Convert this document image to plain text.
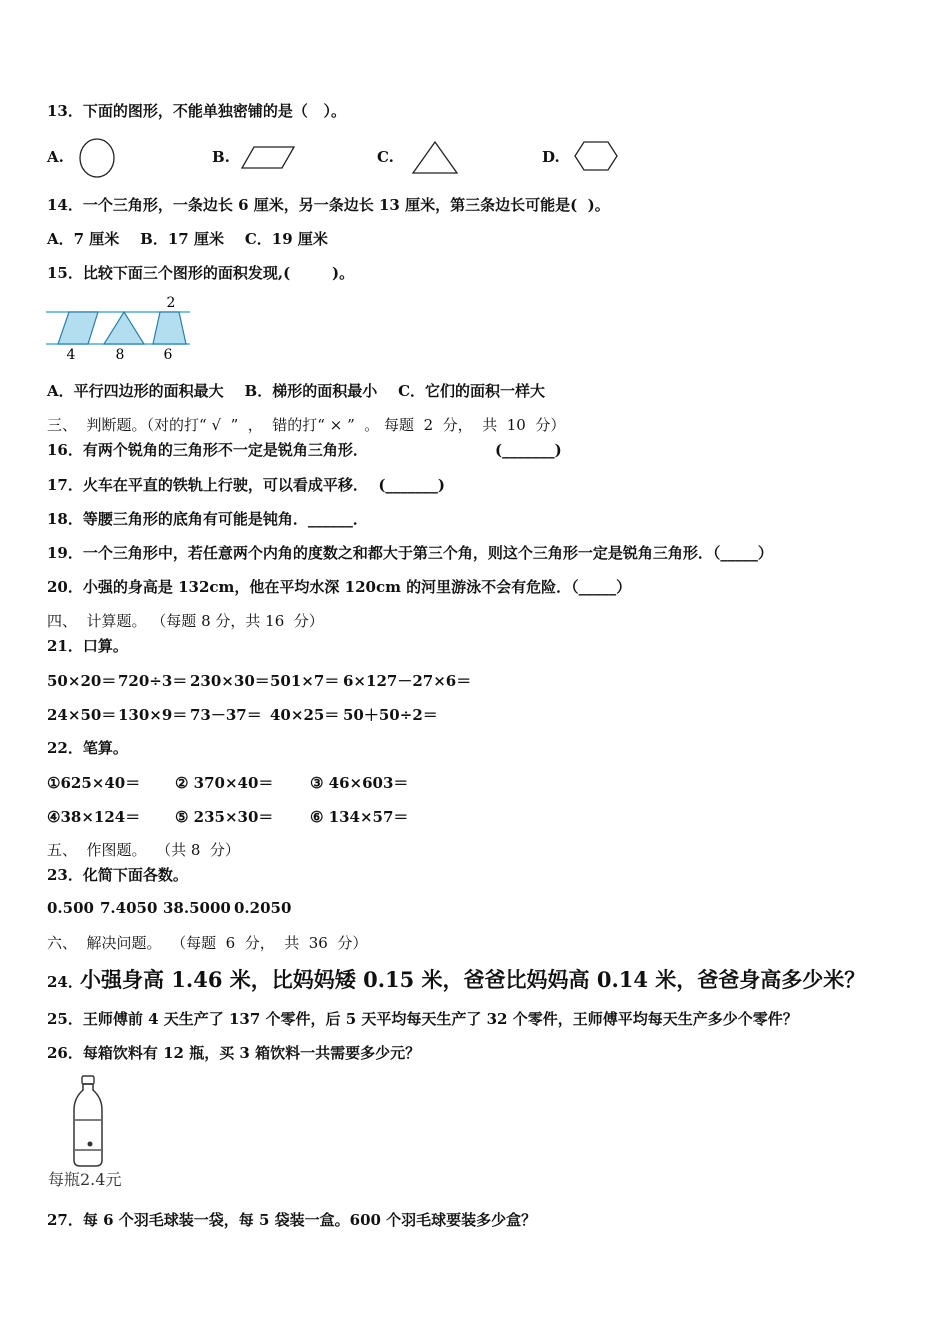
13．下面的图形，不能单独密铺的是（   ）。
A.	B.	C.	D.
14．一个三角形，一条边长 6 厘米，另一条边长 13 厘米，第三条边长可能是(  )。
A．7 厘米    B．17 厘米    C．19 厘米
15．比较下面三个图形的面积发现,(        )。
2
4	8	6
A．平行四边形的面积最大    B．梯形的面积最小    C．它们的面积一样大
三、  判断题。（对的打“ √  ”  ，  错的打“ × ”  。 每题  2  分，  共  10  分）
16．有两个锐角的三角形不一定是锐角三角形．	(_______)
17．火车在平直的铁轨上行驶，可以看成平移．  (_______)
18．等腰三角形的底角有可能是钝角．______．
19．一个三角形中，若任意两个内角的度数之和都大于第三个角，则这个三角形一定是锐角三角形．（_____）
20．小强的身高是 132cm，他在平均水深 120cm 的河里游泳不会有危险．（_____）
四、  计算题。 （每题 8 分，共 16  分）
21．口算。
50×20＝ 720÷3＝ 230×30＝ 501×7＝ 6×127－27×6＝
24×50＝ 130×9＝ 73－37＝ 40×25＝ 50＋50÷2＝
22．笔算。
①625×40＝ ② 370×40＝ ③ 46×603＝
④38×124＝ ⑤ 235×30＝ ⑥ 134×57＝
五、  作图题。  （共 8  分）
23．化简下面各数。
0.500 7.4050 38.5000 0.2050
六、  解决问题。  （每题  6  分，  共  36  分）
24．
小强身高 1.46 米，比妈妈矮 0.15 米，爸爸比妈妈高 0.14 米，爸爸身高多少米？
25．王师傅前 4 天生产了 137 个零件，后 5 天平均每天生产了 32 个零件，王师傅平均每天生产多少个零件？
26．每箱饮料有 12 瓶，买 3 箱饮料一共需要多少元？
每瓶2.4元
27．每 6 个羽毛球装一袋，每 5 袋装一盒。600 个羽毛球要装多少盒？
